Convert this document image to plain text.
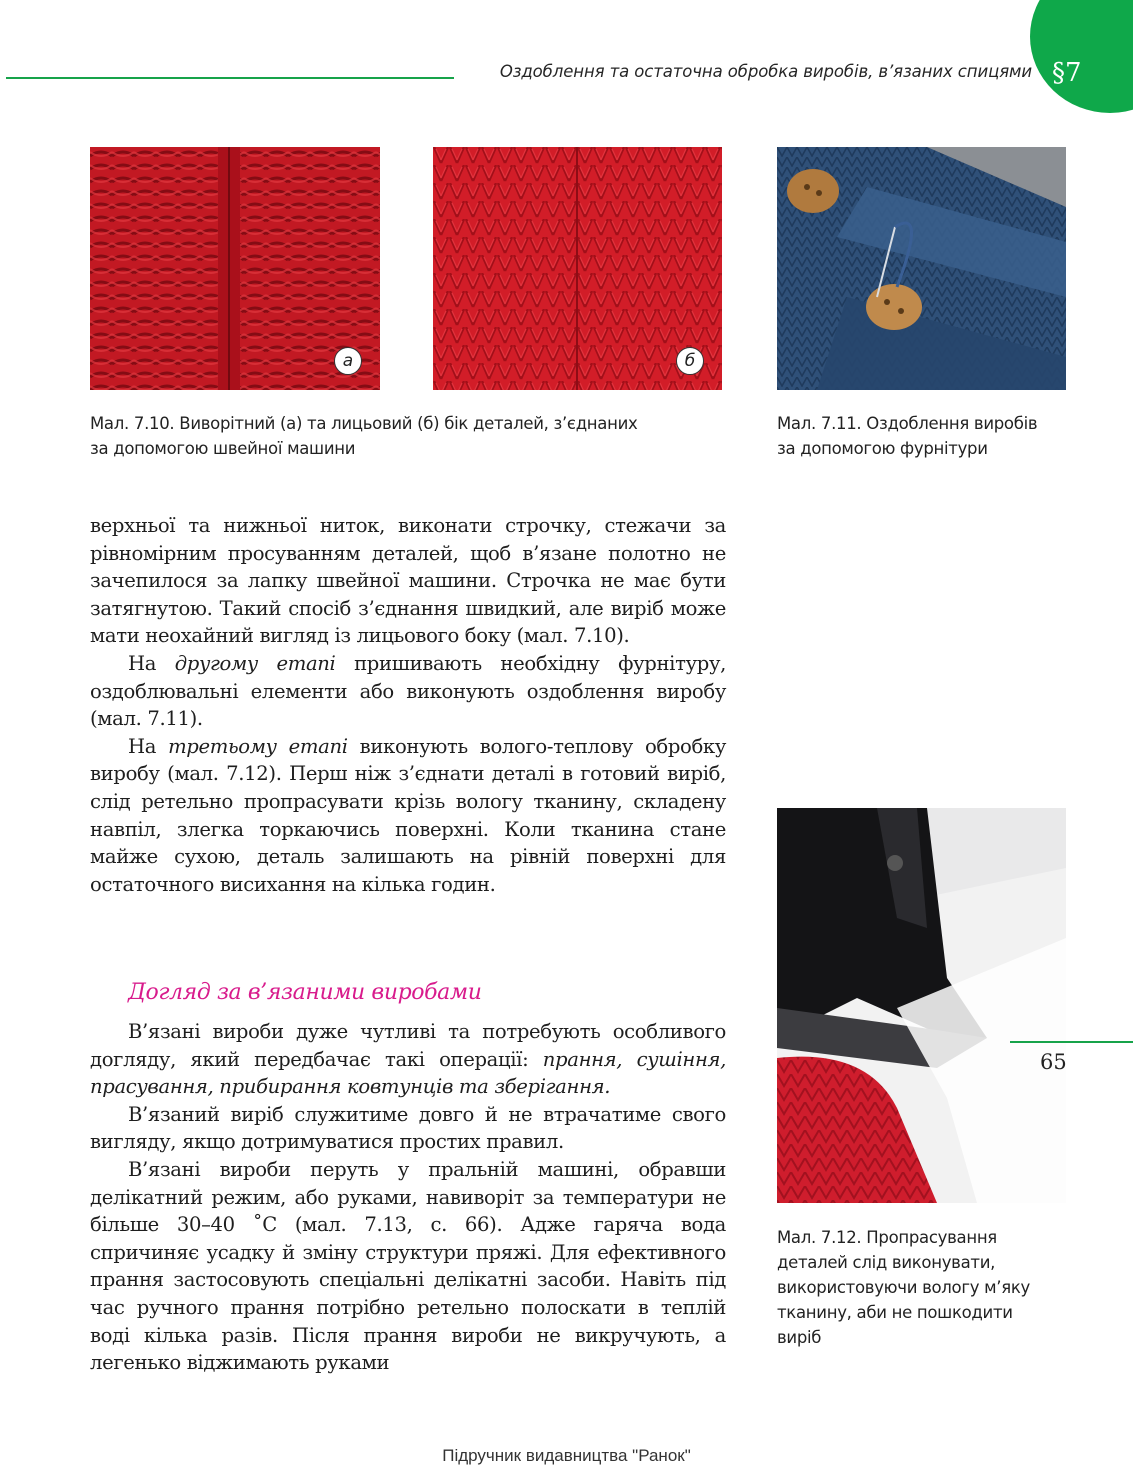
Оздоблення та остаточна обробка виробів, в’язаних спицями §7
а	б
Мал. 7.10. Виворітний (а) та лицьовий (б) бік деталей, з’єднаних
за допомогою швейної машини
Мал. 7.11. Оздоблення виробів
за допомогою фурнітури
Мал. 7.12. Пропрасування
деталей слід виконувати,
використовуючи вологу м’яку
тканину, аби не пошкодити
виріб

верхньої та нижньої ниток, виконати строчку, стежачи за рівномірним просуванням деталей, щоб в’язане полотно не зачепилося за лапку швейної машини. Строчка не має бути затягнутою. Такий спосіб з’єднання швидкий, але виріб може мати неохайний вигляд із лицьового боку (мал. 7.10).

На другому етапі пришивають необхідну фурнітуру, оздоблювальні елементи або виконують оздоблення виробу (мал. 7.11).

На третьому етапі виконують волого-теплову обробку виробу (мал. 7.12). Перш ніж з’єднати деталі в готовий виріб, слід ретельно пропрасувати крізь вологу тканину, складену навпіл, злегка торкаючись поверхні. Коли тканина стане майже сухою, деталь залишають на рівній поверхні для остаточного висихання на кілька годин.

Догляд за в’язаними виробами

В’язані вироби дуже чутливі та потребують особливого догляду, який передбачає такі операції: прання, сушіння, прасування, прибирання ковтунців та зберігання.

В’язаний виріб служитиме довго й не втрачатиме свого вигляду, якщо дотримуватися простих правил.

В’язані вироби перуть у пральній машині, обравши делікатний режим, або руками, навиворіт за температури не більше 30–40 ˚С (мал. 7.13, с. 66). Адже гаряча вода спричиняє усадку й зміну структури пряжі. Для ефективного прання застосовують спеціальні делікатні засоби. Навіть під час ручного прання потрібно ретельно полоскати в теплій воді кілька разів. Після прання вироби не викручують, а легенько віджимають руками

65
Підручник видавництва "Ранок"
